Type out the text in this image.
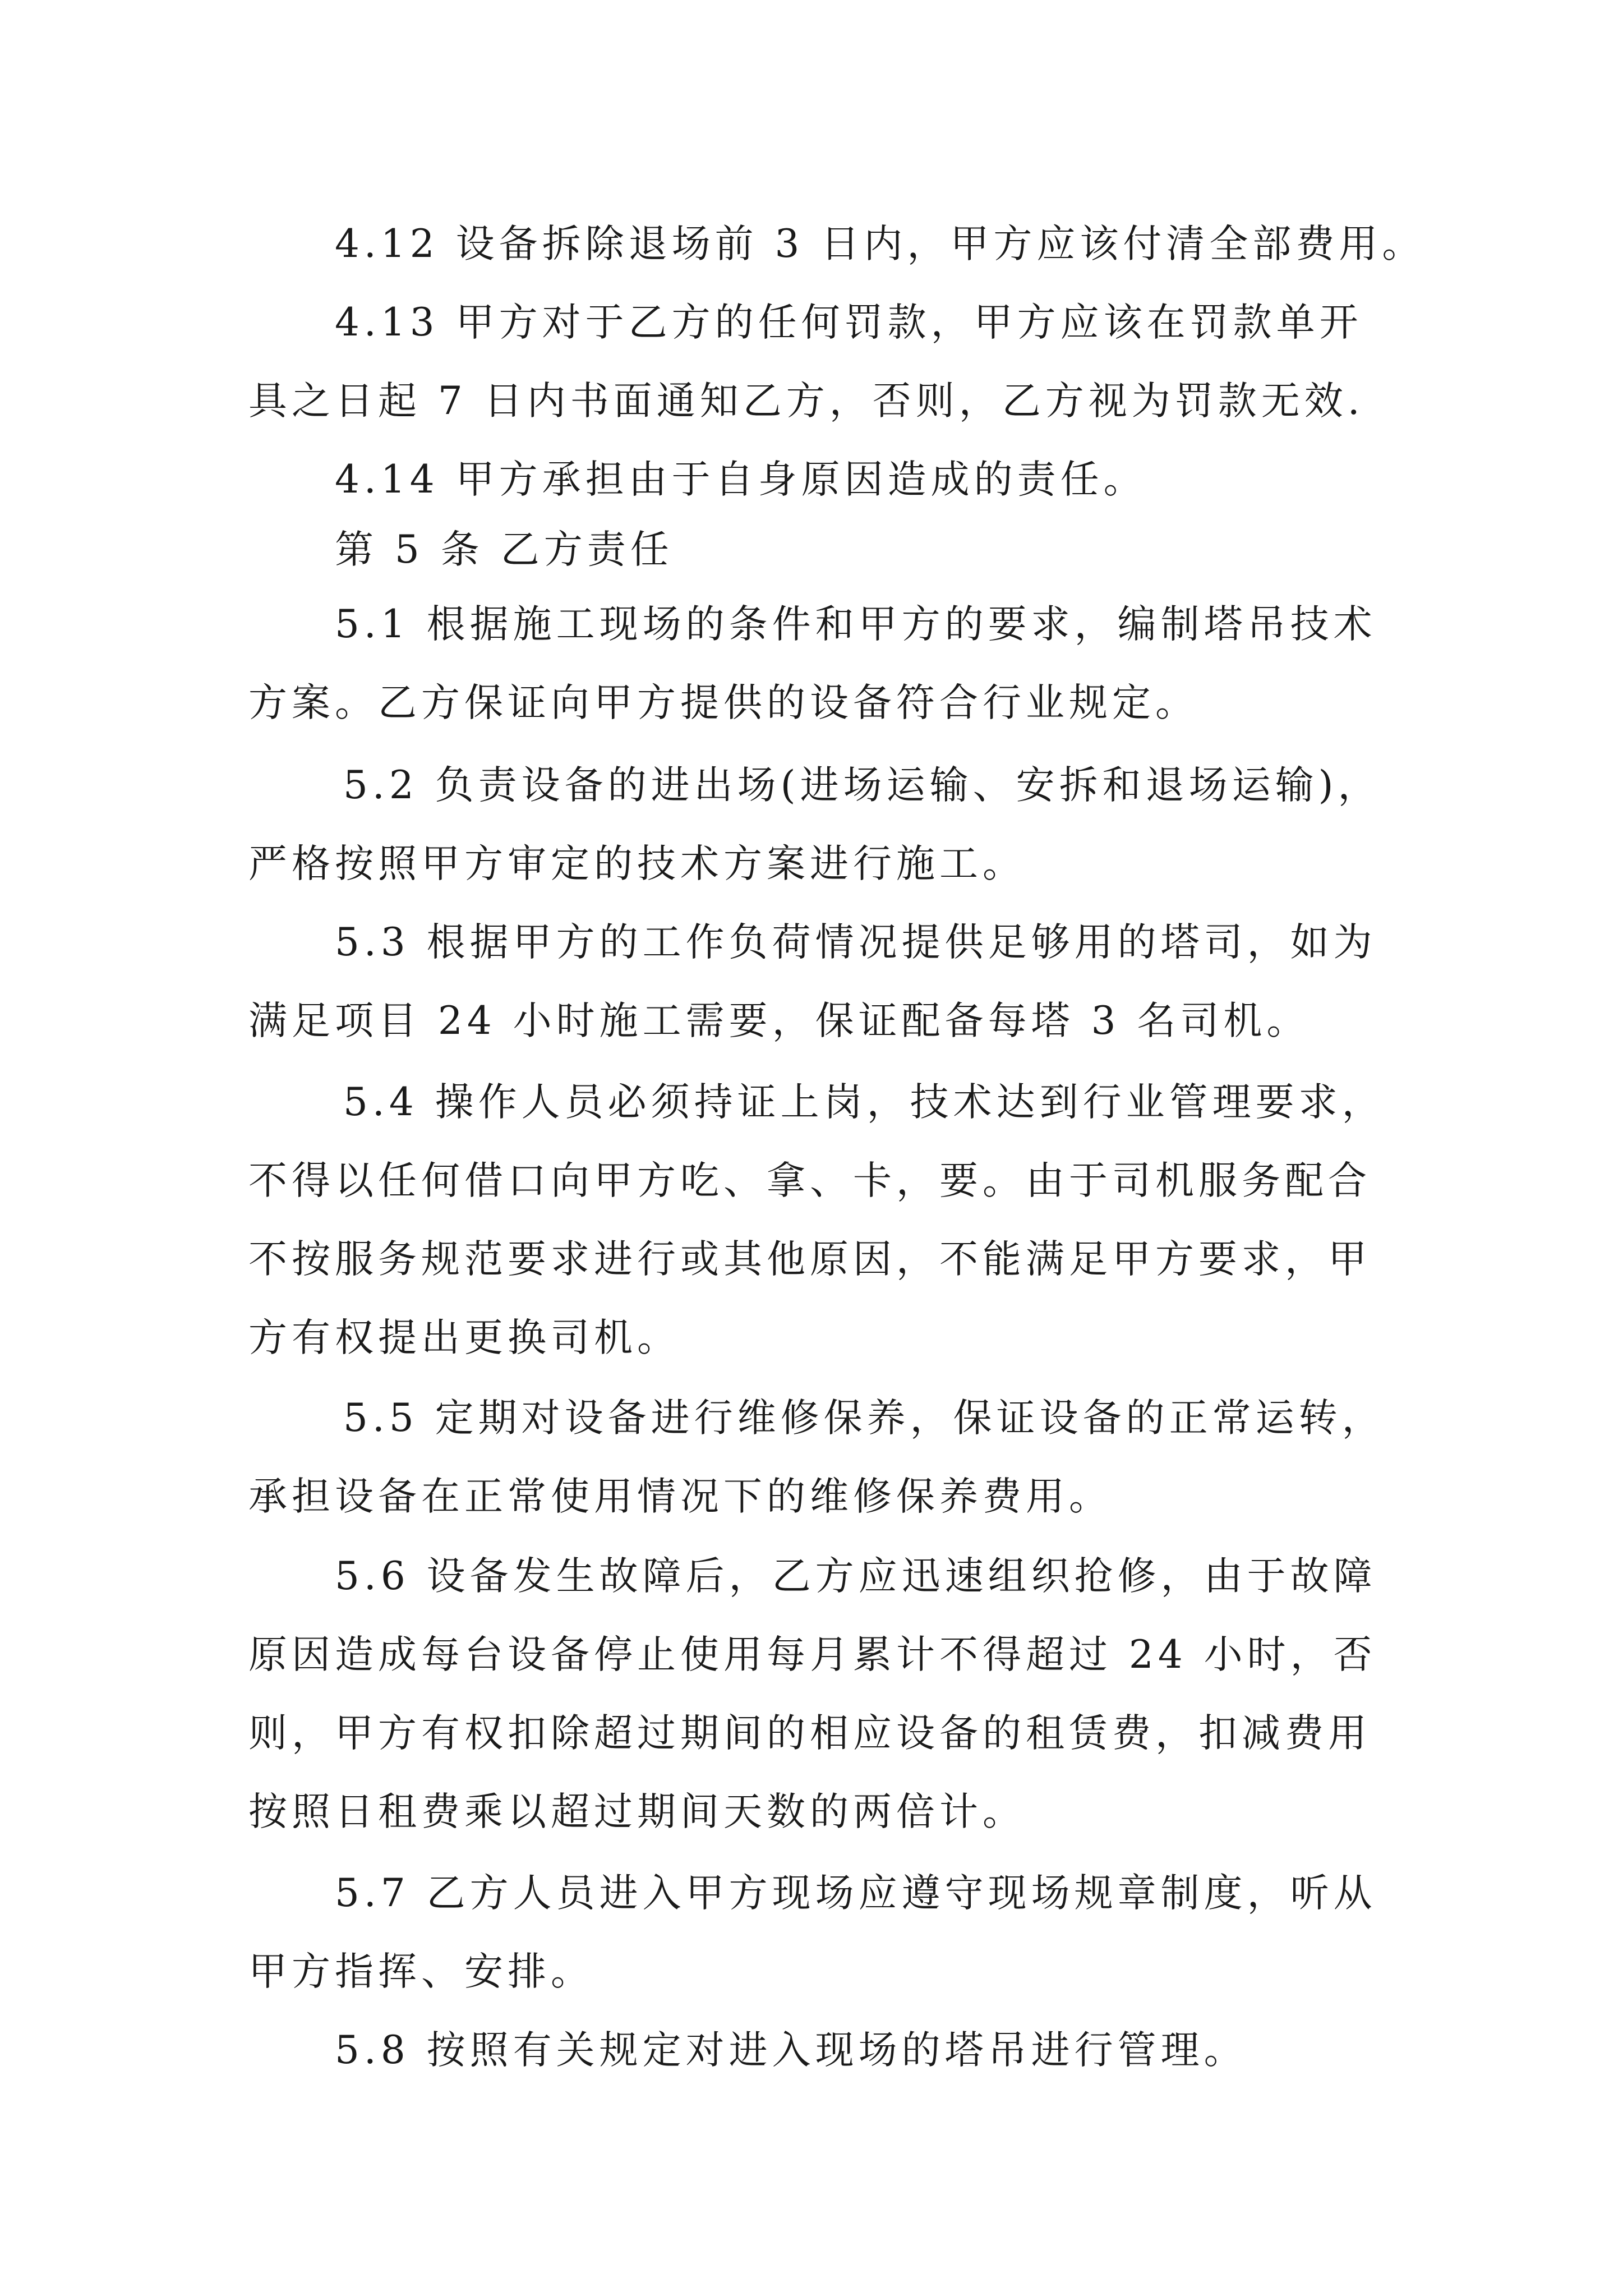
4.12 设备拆除退场前 3 日内，甲方应该付清全部费用。
4.13 甲方对于乙方的任何罚款，甲方应该在罚款单开
具之日起 7 日内书面通知乙方，否则，乙方视为罚款无效.
4.14 甲方承担由于自身原因造成的责任。
第 5 条 乙方责任
5.1 根据施工现场的条件和甲方的要求，编制塔吊技术
方案。乙方保证向甲方提供的设备符合行业规定。
5.2 负责设备的进出场(进场运输、安拆和退场运输)，
严格按照甲方审定的技术方案进行施工。
5.3 根据甲方的工作负荷情况提供足够用的塔司，如为
满足项目 24 小时施工需要，保证配备每塔 3 名司机。
5.4 操作人员必须持证上岗，技术达到行业管理要求，
不得以任何借口向甲方吃、拿、卡，要。由于司机服务配合
不按服务规范要求进行或其他原因，不能满足甲方要求，甲
方有权提出更换司机。
5.5 定期对设备进行维修保养，保证设备的正常运转，
承担设备在正常使用情况下的维修保养费用。
5.6 设备发生故障后，乙方应迅速组织抢修，由于故障
原因造成每台设备停止使用每月累计不得超过 24 小时，否
则，甲方有权扣除超过期间的相应设备的租赁费，扣减费用
按照日租费乘以超过期间天数的两倍计。
5.7 乙方人员进入甲方现场应遵守现场规章制度，听从
甲方指挥、安排。
5.8 按照有关规定对进入现场的塔吊进行管理。
